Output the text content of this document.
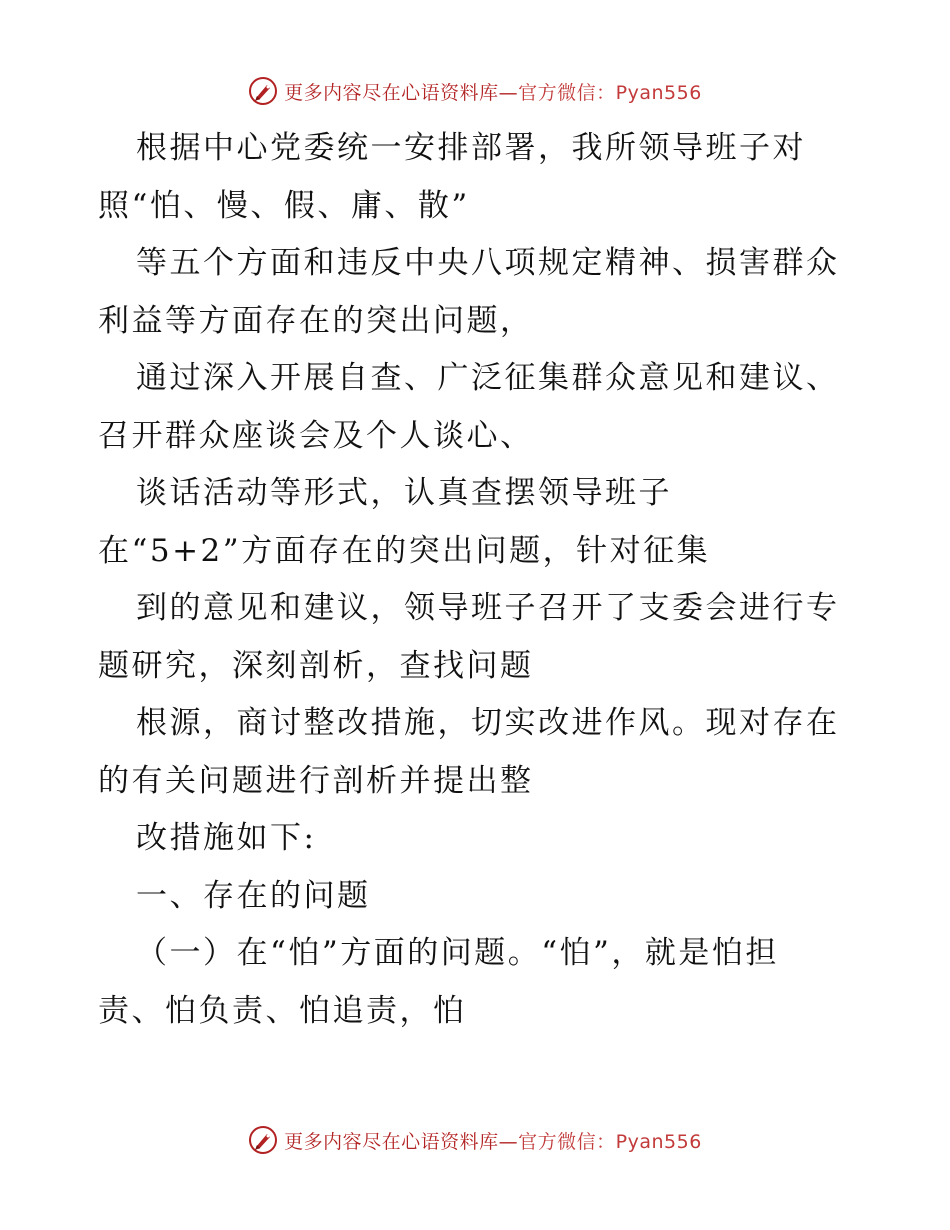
更多内容尽在心语资料库—官方微信：Pyan556
根据中心党委统一安排部署，我所领导班子对
照“怕、慢、假、庸、散”
等五个方面和违反中央八项规定精神、损害群众
利益等方面存在的突出问题，
通过深入开展自查、广泛征集群众意见和建议、
召开群众座谈会及个人谈心、
谈话活动等形式，认真查摆领导班子
在“5+2”方面存在的突出问题，针对征集
到的意见和建议，领导班子召开了支委会进行专
题研究，深刻剖析，查找问题
根源，商讨整改措施，切实改进作风。现对存在
的有关问题进行剖析并提出整
改措施如下:
一、存在的问题
（一）在“怕”方面的问题。“怕”，就是怕担
责、怕负责、怕追责，怕
更多内容尽在心语资料库—官方微信：Pyan556
